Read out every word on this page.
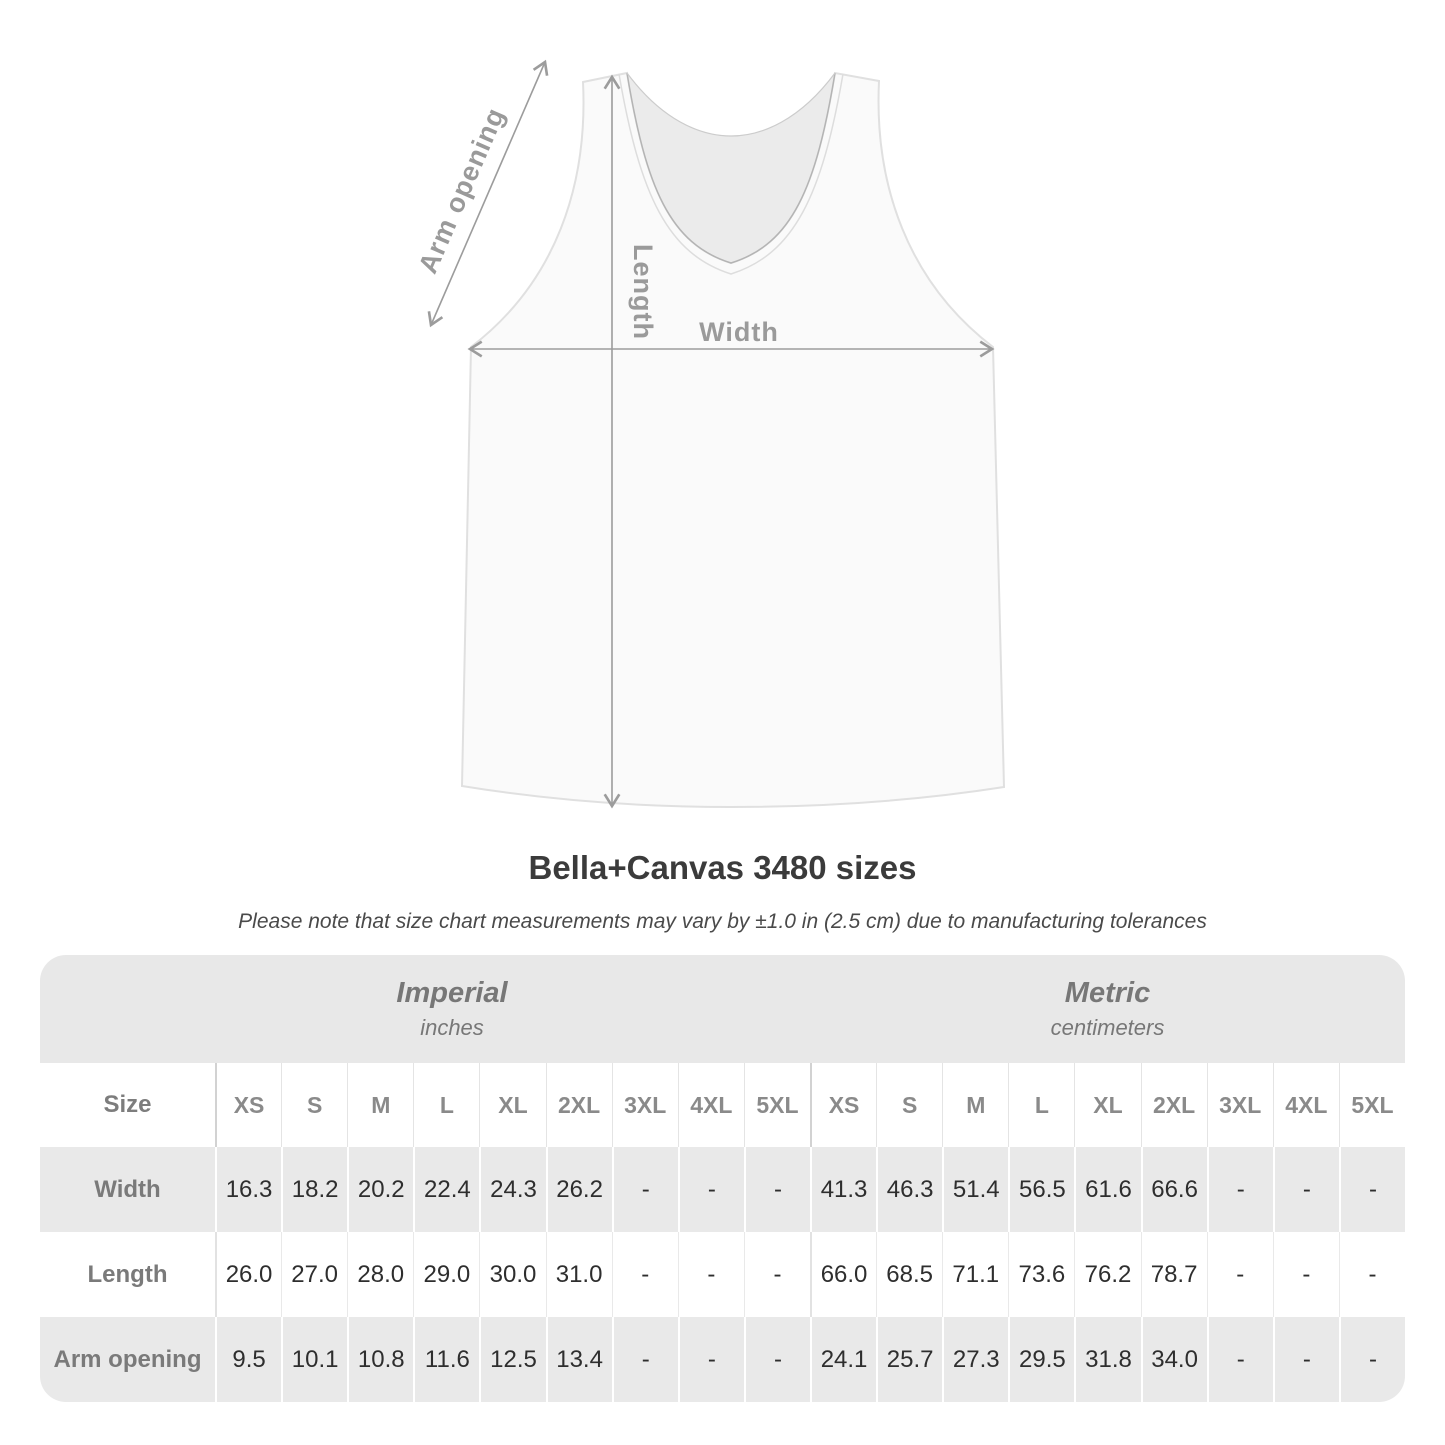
Arm opening
Length Width
Bella+Canvas 3480 sizes

Please note that size chart measurements may vary by ±1.0 in (2.5 cm) due to manufacturing tolerances

Imperial
inches
Metric
centimeters
Size	XS	S	M	L	XL	2XL	3XL	4XL	5XL	XS	S	M	L	XL	2XL	3XL	4XL	5XL
Width	16.3 18.2 20.2 22.4 24.3 26.2	-	-	-	41.3 46.3 51.4 56.5 61.6 66.6	-	-	-
Length	26.0 27.0 28.0 29.0 30.0 31.0	-	-	-	66.0 68.5 71.1 73.6 76.2 78.7	-	-	-
Arm opening	9.5	10.1 10.8 11.6 12.5 13.4	-	-	-	24.1 25.7 27.3 29.5 31.8 34.0	-	-	-
